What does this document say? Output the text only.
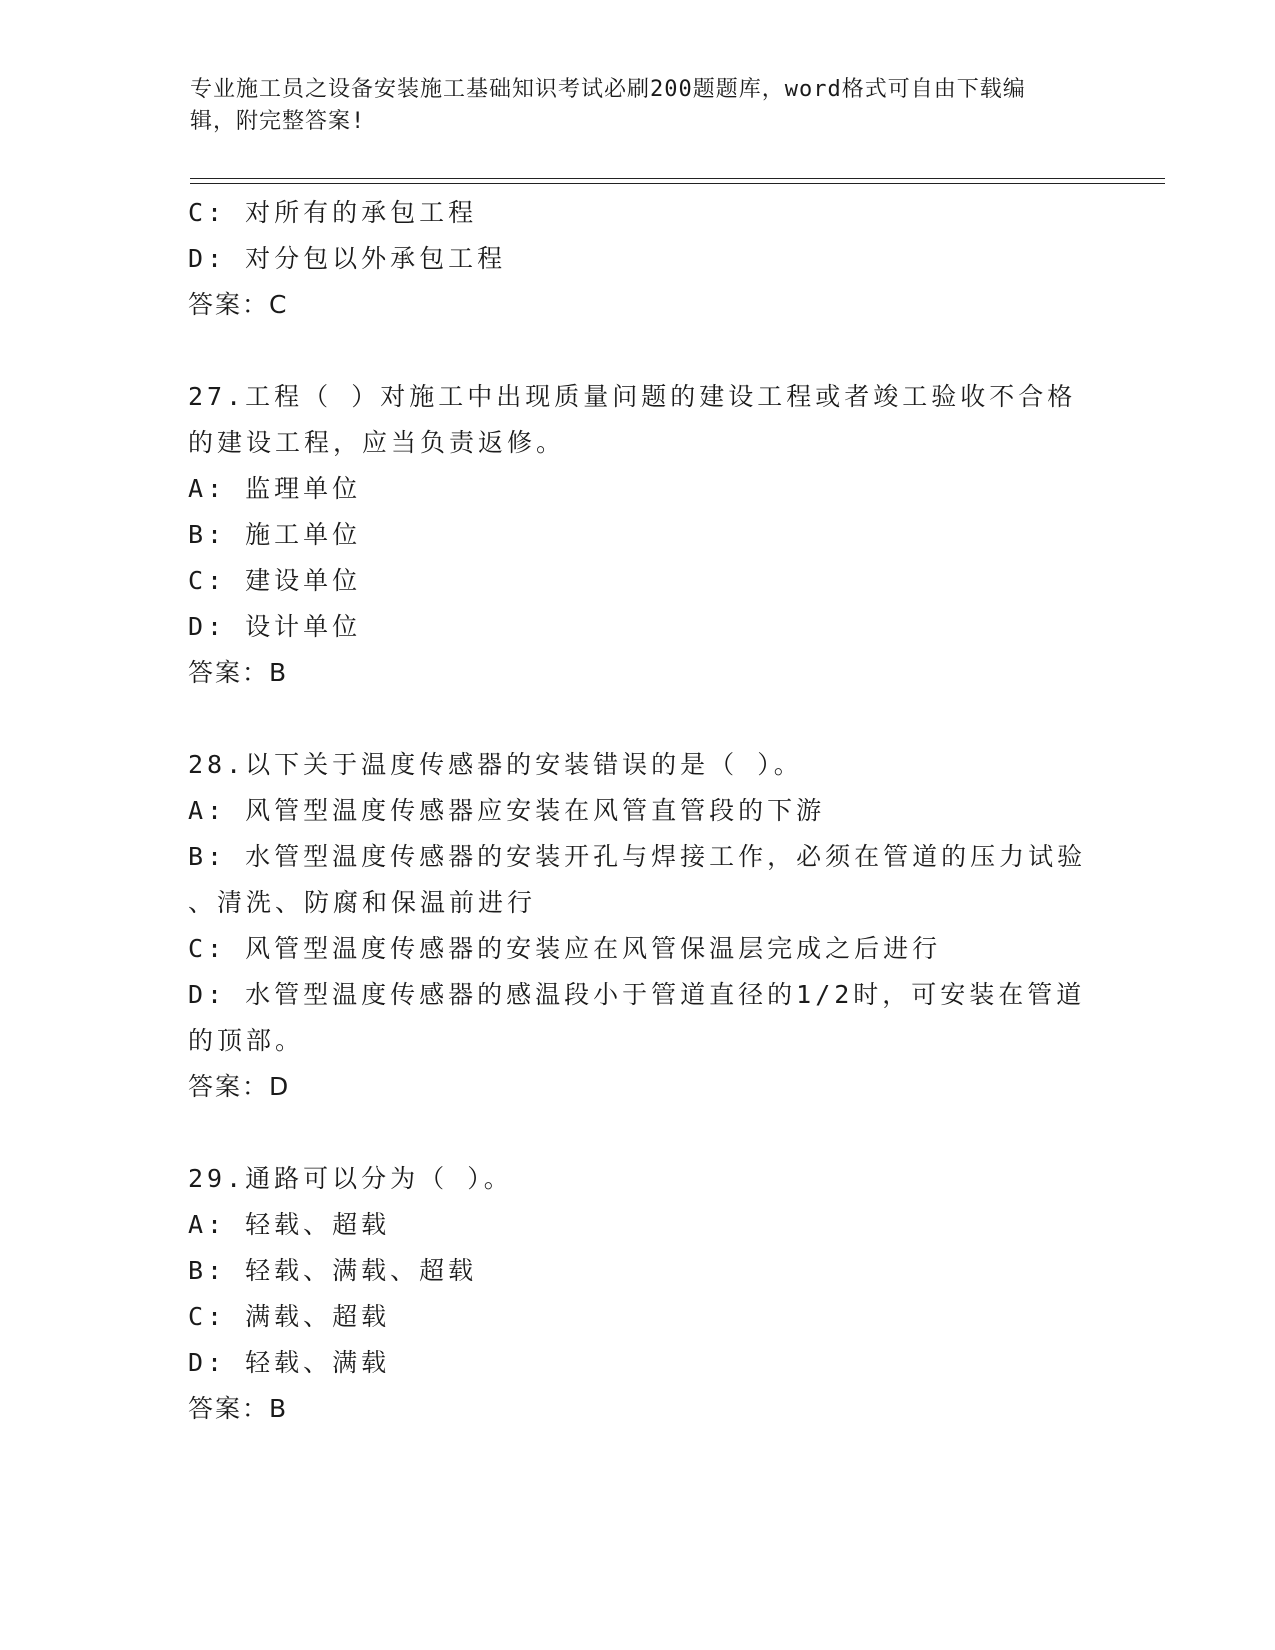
专业施工员之设备安装施工基础知识考试必刷200题题库，word格式可自由下载编辑，附完整答案!
C: 对所有的承包工程
D: 对分包以外承包工程
答案：C
27.工程（ ）对施工中出现质量问题的建设工程或者竣工验收不合格
的建设工程，应当负责返修。
A: 监理单位
B: 施工单位
C: 建设单位
D: 设计单位
答案：B
28.以下关于温度传感器的安装错误的是（ ）。
A: 风管型温度传感器应安装在风管直管段的下游
B: 水管型温度传感器的安装开孔与焊接工作，必须在管道的压力试验
、清洗、防腐和保温前进行
C: 风管型温度传感器的安装应在风管保温层完成之后进行
D: 水管型温度传感器的感温段小于管道直径的1/2时，可安装在管道
的顶部。
答案：D
29.通路可以分为（ ）。
A: 轻载、超载
B: 轻载、满载、超载
C: 满载、超载
D: 轻载、满载
答案：B
